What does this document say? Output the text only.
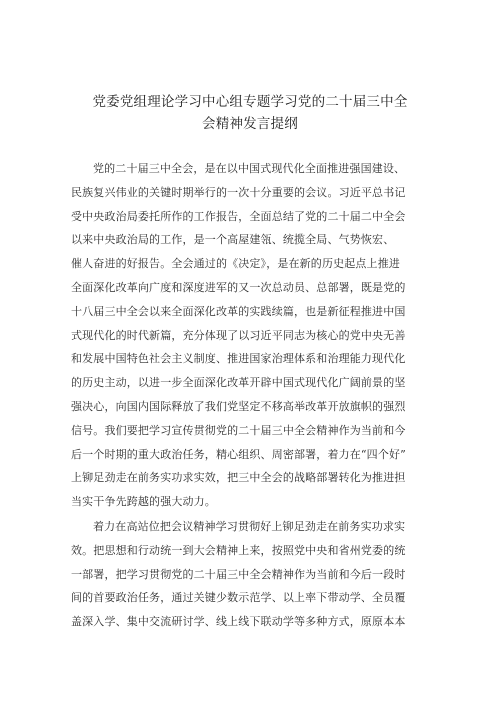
党委党组理论学习中心组专题学习党的二十届三中全
会精神发言提纲
党的二十届三中全会，是在以中国式现代化全面推进强国建设、
民族复兴伟业的关键时期举行的一次十分重要的会议。习近平总书记
受中央政治局委托所作的工作报告，全面总结了党的二十届二中全会
以来中央政治局的工作，是一个高屋建瓴、统揽全局、气势恢宏、
催人奋进的好报告。全会通过的《决定》，是在新的历史起点上推进
全面深化改革向广度和深度进军的又一次总动员、总部署，既是党的
十八届三中全会以来全面深化改革的实践续篇，也是新征程推进中国
式现代化的时代新篇，充分体现了以习近平同志为核心的党中央无善
和发展中国特色社会主义制度、推进国家治理体系和治理能力现代化
的历史主动，以进一步全面深化改革开辟中国式现代化广阔前景的坚
强决心，向国内国际释放了我们党坚定不移高举改革开放旗帜的强烈
信号。我们要把学习宣传贯彻党的二十届三中全会精神作为当前和今
后一个时期的重大政治任务，精心组织、周密部署，着力在“四个好”
上铆足劲走在前务实功求实效，把三中全会的战略部署转化为推进担
当实干争先跨越的强大动力。
着力在高站位把会议精神学习贯彻好上铆足劲走在前务实功求实
效。把思想和行动统一到大会精神上来，按照党中央和省州党委的统
一部署，把学习贯彻党的二十届三中全会精神作为当前和今后一段时
间的首要政治任务，通过关键少数示范学、以上率下带动学、全员覆
盖深入学、集中交流研讨学、线上线下联动学等多种方式，原原本本
